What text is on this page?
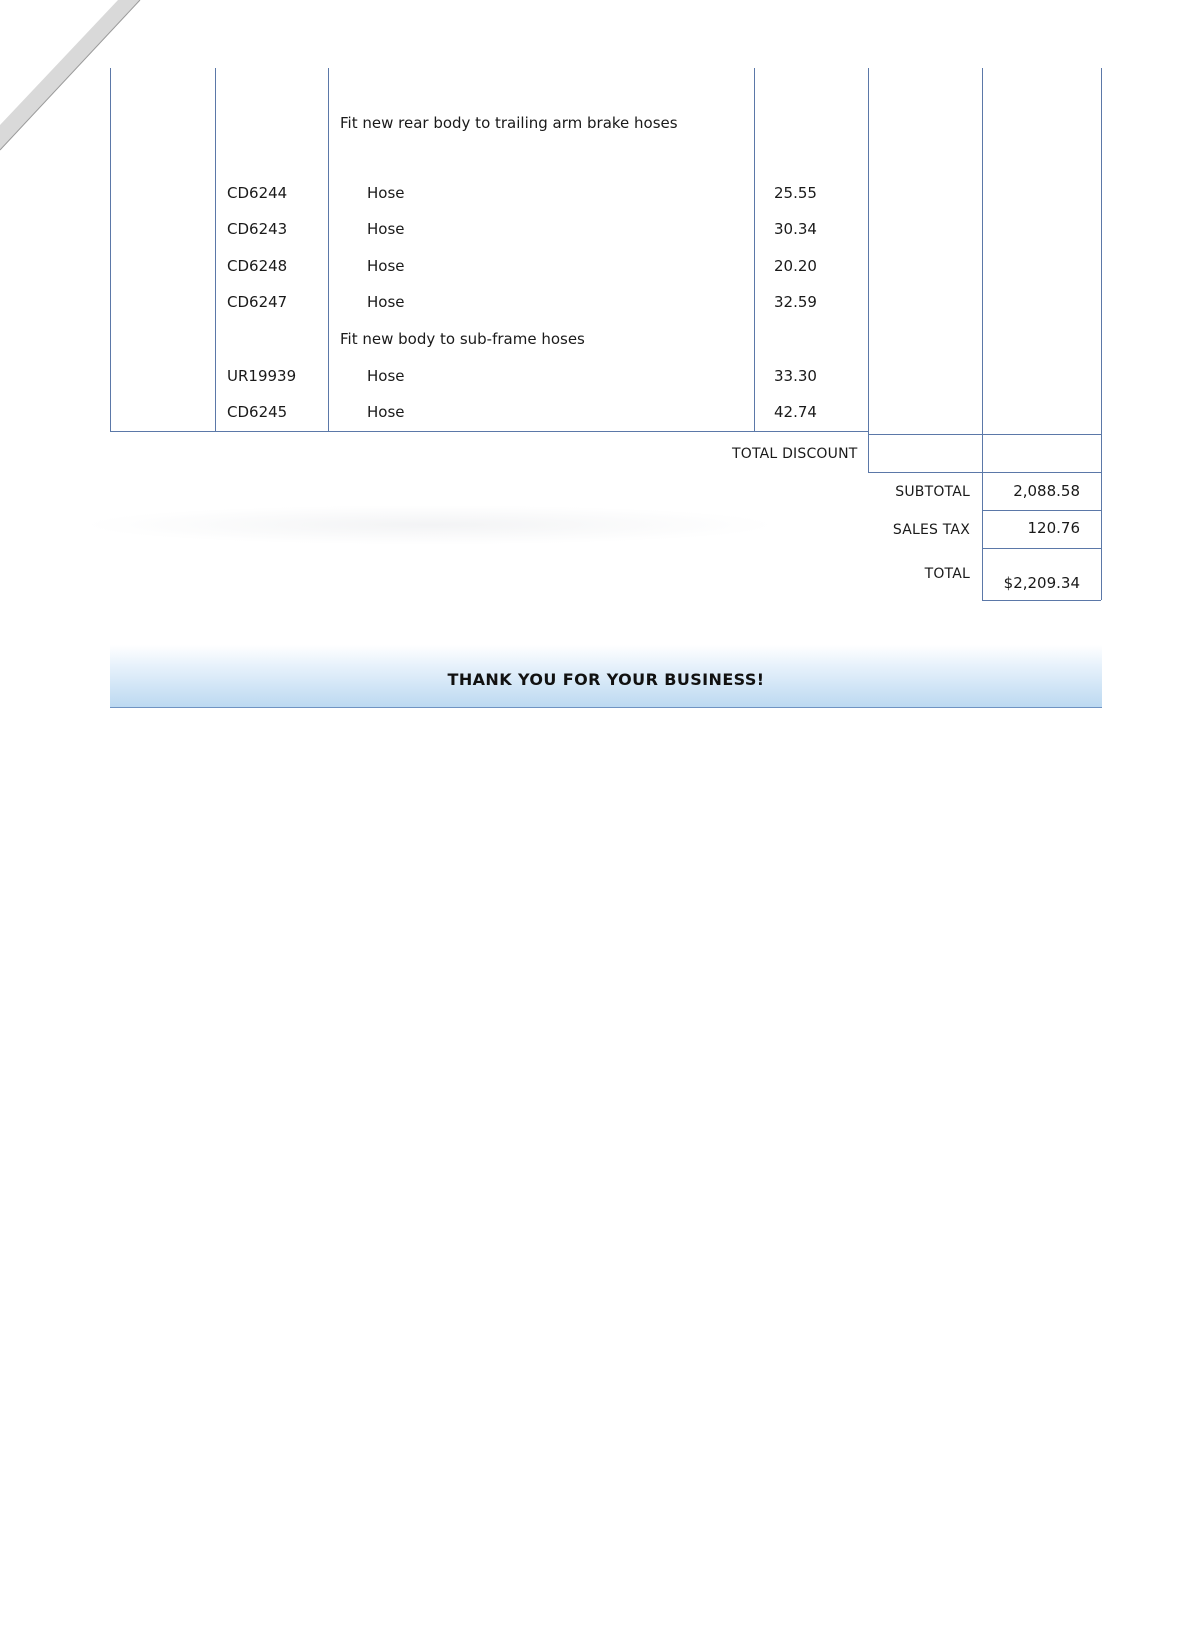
Fit new rear body to trailing arm brake hoses
CD6244	Hose	25.55
CD6243	Hose	30.34
CD6248	Hose	20.20
CD6247	Hose	32.59
Fit new body to sub-frame hoses
UR19939	Hose	33.30
CD6245	Hose	42.74
TOTAL DISCOUNT
SUBTOTAL	2,088.58
SALES TAX	120.76
TOTAL	$2,209.34
THANK YOU FOR YOUR BUSINESS!
